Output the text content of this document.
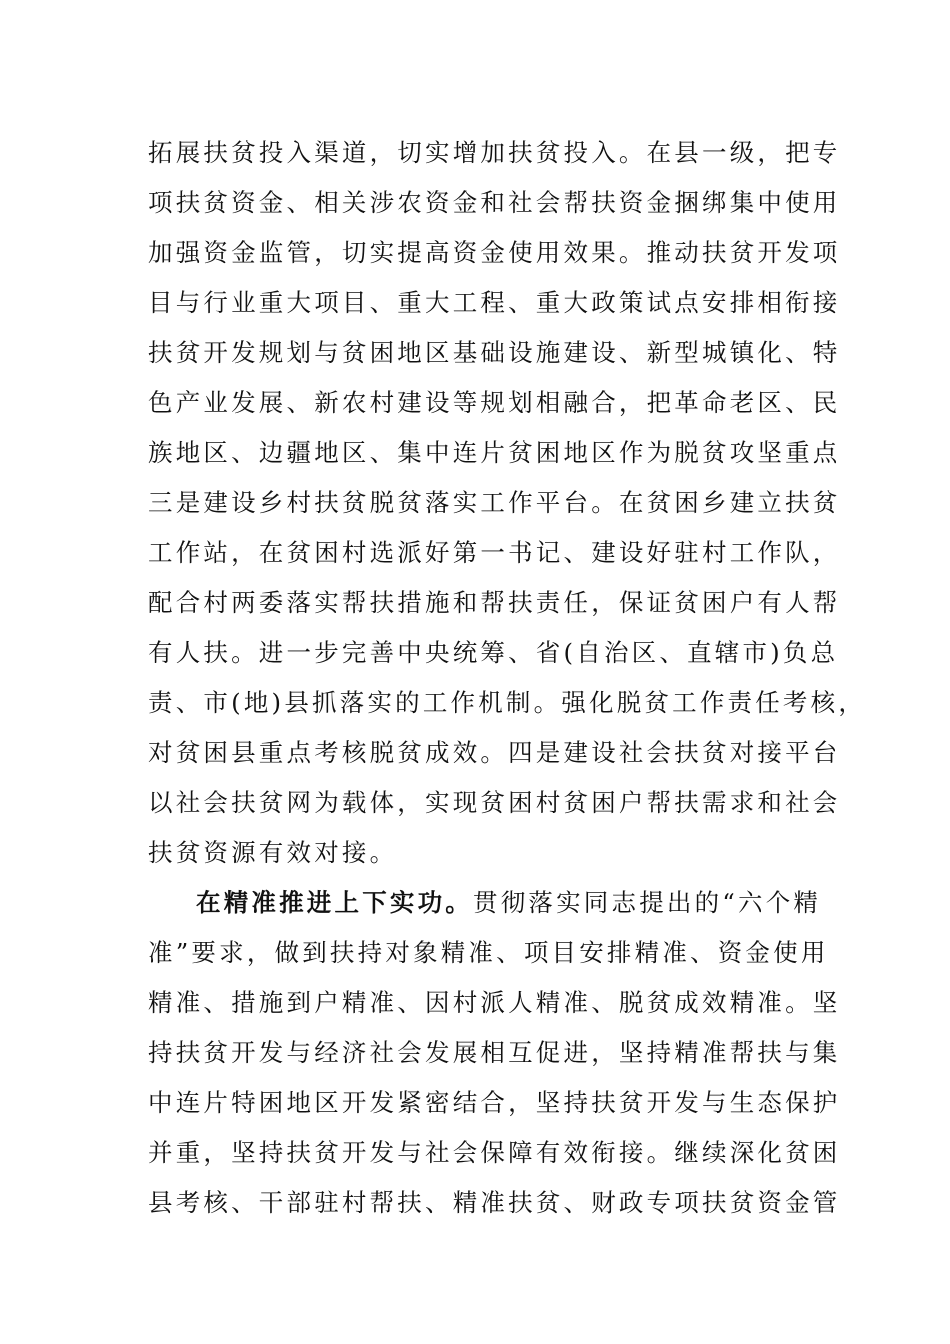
拓展扶贫投入渠道，切实增加扶贫投入。在县一级，把专
项扶贫资金、相关涉农资金和社会帮扶资金捆绑集中使用
加强资金监管，切实提高资金使用效果。推动扶贫开发项
目与行业重大项目、重大工程、重大政策试点安排相衔接
扶贫开发规划与贫困地区基础设施建设、新型城镇化、特
色产业发展、新农村建设等规划相融合，把革命老区、民
族地区、边疆地区、集中连片贫困地区作为脱贫攻坚重点
三是建设乡村扶贫脱贫落实工作平台。在贫困乡建立扶贫
工作站，在贫困村选派好第一书记、建设好驻村工作队，
配合村两委落实帮扶措施和帮扶责任，保证贫困户有人帮
有人扶。进一步完善中央统筹、省(自治区、直辖市)负总
责、市(地)县抓落实的工作机制。强化脱贫工作责任考核，
对贫困县重点考核脱贫成效。四是建设社会扶贫对接平台
以社会扶贫网为载体，实现贫困村贫困户帮扶需求和社会
扶贫资源有效对接。
在精准推进上下实功。贯彻落实同志提出的“六个精
准”要求，做到扶持对象精准、项目安排精准、资金使用
精准、措施到户精准、因村派人精准、脱贫成效精准。坚
持扶贫开发与经济社会发展相互促进，坚持精准帮扶与集
中连片特困地区开发紧密结合，坚持扶贫开发与生态保护
并重，坚持扶贫开发与社会保障有效衔接。继续深化贫困
县考核、干部驻村帮扶、精准扶贫、财政专项扶贫资金管
